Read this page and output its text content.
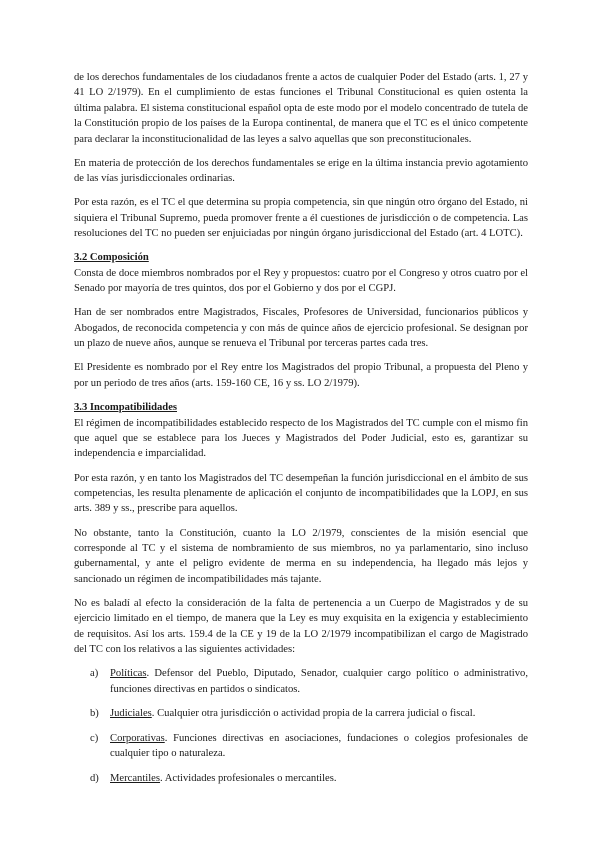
de los derechos fundamentales de los ciudadanos frente a actos de cualquier Poder del Estado (arts. 1, 27 y 41 LO 2/1979). En el cumplimiento de estas funciones el Tribunal Constitucional es quien ostenta la última palabra. El sistema constitucional español opta de este modo por el modelo concentrado de tutela de la Constitución propio de los países de la Europa continental, de manera que el TC es el único competente para declarar la inconstitucionalidad de las leyes a salvo aquellas que son preconstitucionales.

En materia de protección de los derechos fundamentales se erige en la última instancia previo agotamiento de las vías jurisdiccionales ordinarias.

Por esta razón, es el TC el que determina su propia competencia, sin que ningún otro órgano del Estado, ni siquiera el Tribunal Supremo, pueda promover frente a él cuestiones de jurisdicción o de competencia. Las resoluciones del TC no pueden ser enjuiciadas por ningún órgano jurisdiccional del Estado (art. 4 LOTC).

3.2 Composición

Consta de doce miembros nombrados por el Rey y propuestos: cuatro por el Congreso y otros cuatro por el Senado por mayoría de tres quintos, dos por el Gobierno y dos por el CGPJ.

Han de ser nombrados entre Magistrados, Fiscales, Profesores de Universidad, funcionarios públicos y Abogados, de reconocida competencia y con más de quince años de ejercicio profesional. Se designan por un plazo de nueve años, aunque se renueva el Tribunal por terceras partes cada tres.

El Presidente es nombrado por el Rey entre los Magistrados del propio Tribunal, a propuesta del Pleno y por un periodo de tres años (arts. 159-160 CE, 16 y ss. LO 2/1979).

3.3 Incompatibilidades

El régimen de incompatibilidades establecido respecto de los Magistrados del TC cumple con el mismo fin que aquel que se establece para los Jueces y Magistrados del Poder Judicial, esto es, garantizar su independencia e imparcialidad.

Por esta razón, y en tanto los Magistrados del TC desempeñan la función jurisdiccional en el ámbito de sus competencias, les resulta plenamente de aplicación el conjunto de incompatibilidades que la LOPJ, en sus arts. 389 y ss., prescribe para aquellos.

No obstante, tanto la Constitución, cuanto la LO 2/1979, conscientes de la misión esencial que corresponde al TC y el sistema de nombramiento de sus miembros, no ya parlamentario, sino incluso gubernamental, y ante el peligro evidente de merma en su independencia, ha llegado más lejos y sancionado un régimen de incompatibilidades más tajante.

No es baladí al efecto la consideración de la falta de pertenencia a un Cuerpo de Magistrados y de su ejercicio limitado en el tiempo, de manera que la Ley es muy exquisita en la exigencia y establecimiento de requisitos. Así los arts. 159.4 de la CE y 19 de la LO 2/1979 incompatibilizan el cargo de Magistrado del TC con los relativos a las siguientes actividades:

a) Políticas. Defensor del Pueblo, Diputado, Senador, cualquier cargo político o administrativo, funciones directivas en partidos o sindicatos.
b) Judiciales. Cualquier otra jurisdicción o actividad propia de la carrera judicial o fiscal.
c) Corporativas. Funciones directivas en asociaciones, fundaciones o colegios profesionales de cualquier tipo o naturaleza.
d) Mercantiles. Actividades profesionales o mercantiles.
